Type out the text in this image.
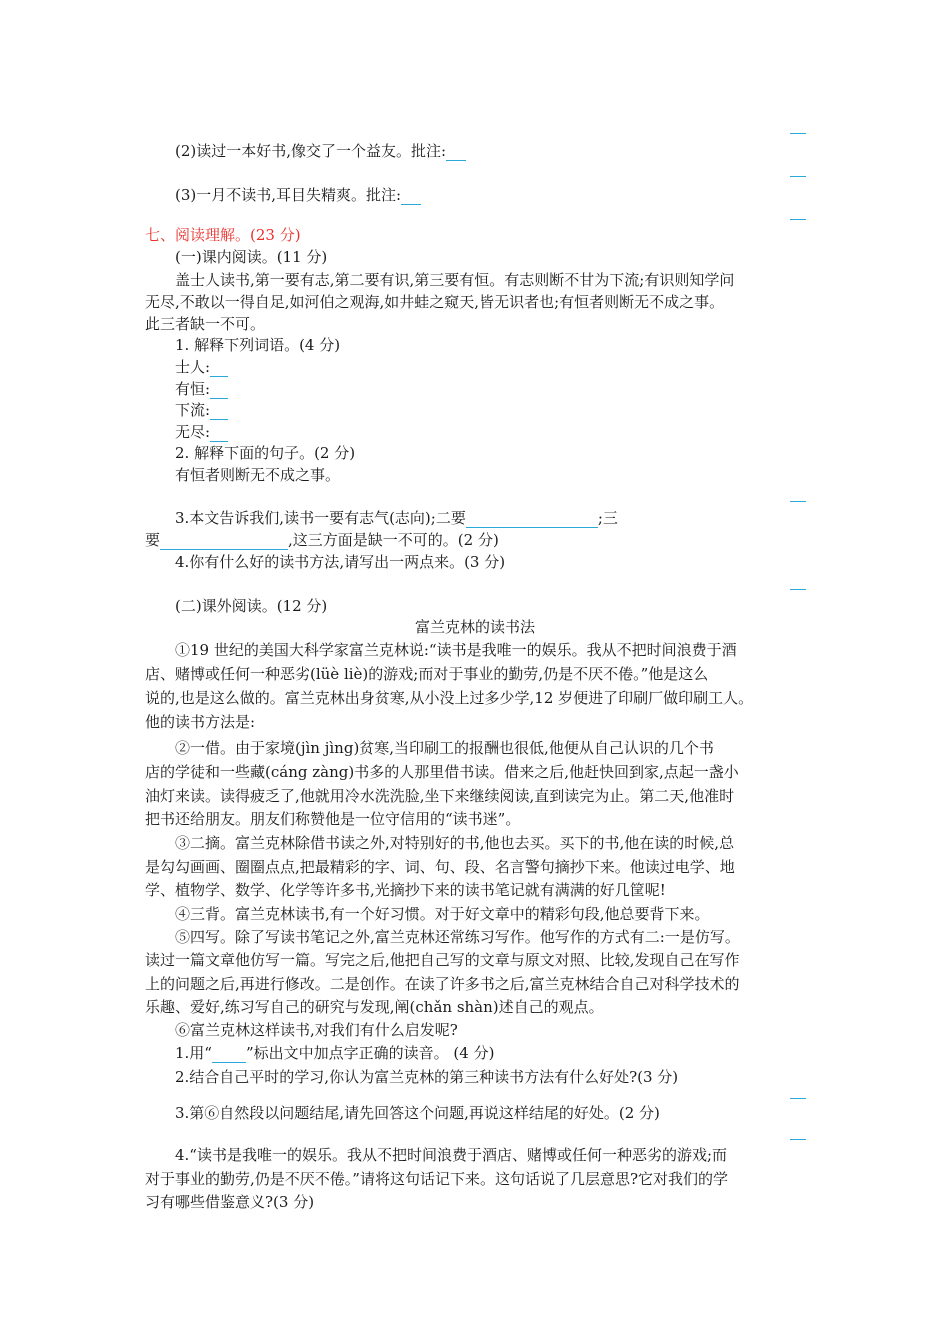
(2)读过一本好书,像交了一个益友。批注:
(3)一月不读书,耳目失精爽。批注:
七、阅读理解。(23 分)
(一)课内阅读。(11 分)
盖士人读书,第一要有志,第二要有识,第三要有恒。有志则断不甘为下流;有识则知学问
无尽,不敢以一得自足,如河伯之观海,如井蛙之窥天,皆无识者也;有恒者则断无不成之事。
此三者缺一不可。
1. 解释下列词语。(4 分)
士人:
有恒:
下流:
无尽:
2. 解释下面的句子。(2 分)
有恒者则断无不成之事。
3.本文告诉我们,读书一要有志气(志向);二要	;三
要	,这三方面是缺一不可的。(2 分)
4.你有什么好的读书方法,请写出一两点来。(3 分)
(二)课外阅读。(12 分)
富兰克林的读书法
①19 世纪的美国大科学家富兰克林说:“读书是我唯一的娱乐。我从不把时间浪费于酒
店、赌博或任何一种恶劣(lüè liè)的游戏;而对于事业的勤劳,仍是不厌不倦。”他是这么
说的,也是这么做的。富兰克林出身贫寒,从小没上过多少学,12 岁便进了印刷厂做印刷工人。
他的读书方法是:
②一借。由于家境(jìn jìng)贫寒,当印刷工的报酬也很低,他便从自己认识的几个书
店的学徒和一些藏(cáng zàng)书多的人那里借书读。借来之后,他赶快回到家,点起一盏小
油灯来读。读得疲乏了,他就用冷水洗洗脸,坐下来继续阅读,直到读完为止。第二天,他准时
把书还给朋友。朋友们称赞他是一位守信用的“读书迷”。
③二摘。富兰克林除借书读之外,对特别好的书,他也去买。买下的书,他在读的时候,总
是勾勾画画、圈圈点点,把最精彩的字、词、句、段、名言警句摘抄下来。他读过电学、地
学、植物学、数学、化学等许多书,光摘抄下来的读书笔记就有满满的好几筐呢!
④三背。富兰克林读书,有一个好习惯。对于好文章中的精彩句段,他总要背下来。
⑤四写。除了写读书笔记之外,富兰克林还常练习写作。他写作的方式有二:一是仿写。
读过一篇文章他仿写一篇。写完之后,他把自己写的文章与原文对照、比较,发现自己在写作
上的问题之后,再进行修改。二是创作。在读了许多书之后,富兰克林结合自己对科学技术的
乐趣、爱好,练习写自己的研究与发现,阐(chǎn shàn)述自己的观点。
⑥富兰克林这样读书,对我们有什么启发呢?
1.用“ ”标出文中加点字正确的读音。 (4 分)
2.结合自己平时的学习,你认为富兰克林的第三种读书方法有什么好处?(3 分)
3.第⑥自然段以问题结尾,请先回答这个问题,再说这样结尾的好处。(2 分)
4.“读书是我唯一的娱乐。我从不把时间浪费于酒店、赌博或任何一种恶劣的游戏;而
对于事业的勤劳,仍是不厌不倦。”请将这句话记下来。这句话说了几层意思?它对我们的学
习有哪些借鉴意义?(3 分)
